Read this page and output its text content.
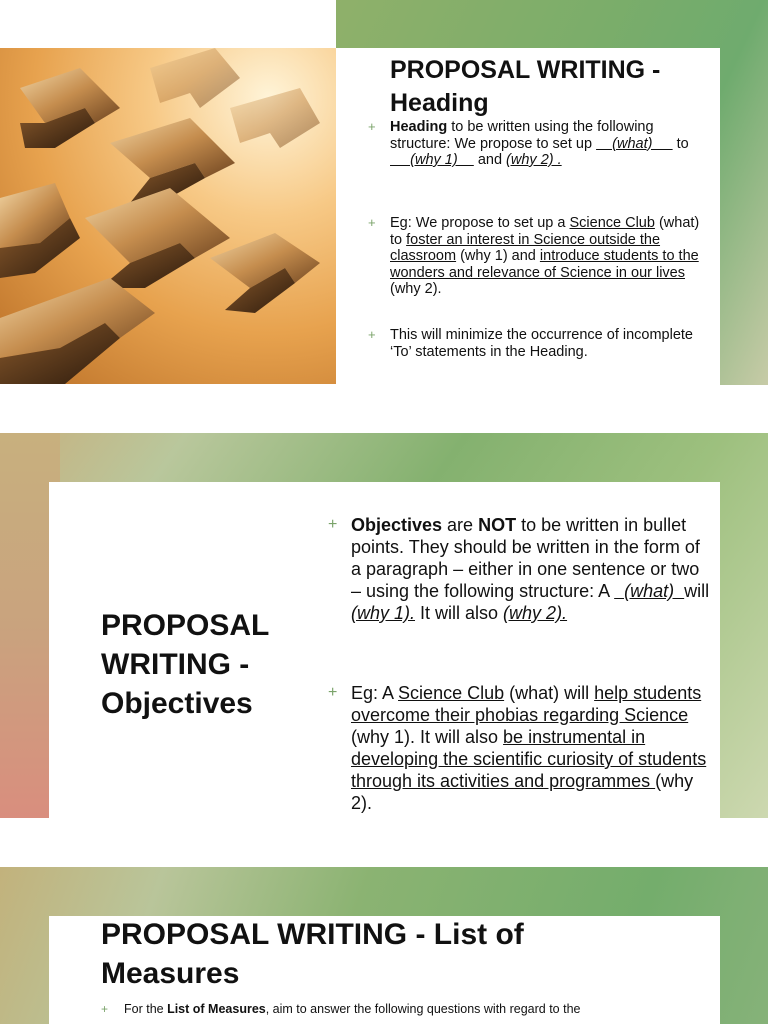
PROPOSAL WRITING - Heading
+ Heading to be written using the following structure: We propose to set up     (what)      to      (why 1)     and (why 2) .
+ Eg: We propose to set up a Science Club (what) to foster an interest in Science outside the classroom (why 1) and introduce students to the wonders and relevance of Science in our lives (why 2).
+ This will minimize the occurrence of incomplete ‘To’ statements in the Heading.
PROPOSAL WRITING - Objectives
+ Objectives are NOT to be written in bullet points. They should be written in the form of a paragraph – either in one sentence or two – using the following structure: A   (what)  will (why 1). It will also (why 2).
+ Eg: A Science Club (what) will help students overcome their phobias regarding Science (why 1). It will also be instrumental in developing the scientific curiosity of students through its activities and programmes (why 2).
PROPOSAL WRITING - List of Measures
+ For the List of Measures, aim to answer the following questions with regard to the
